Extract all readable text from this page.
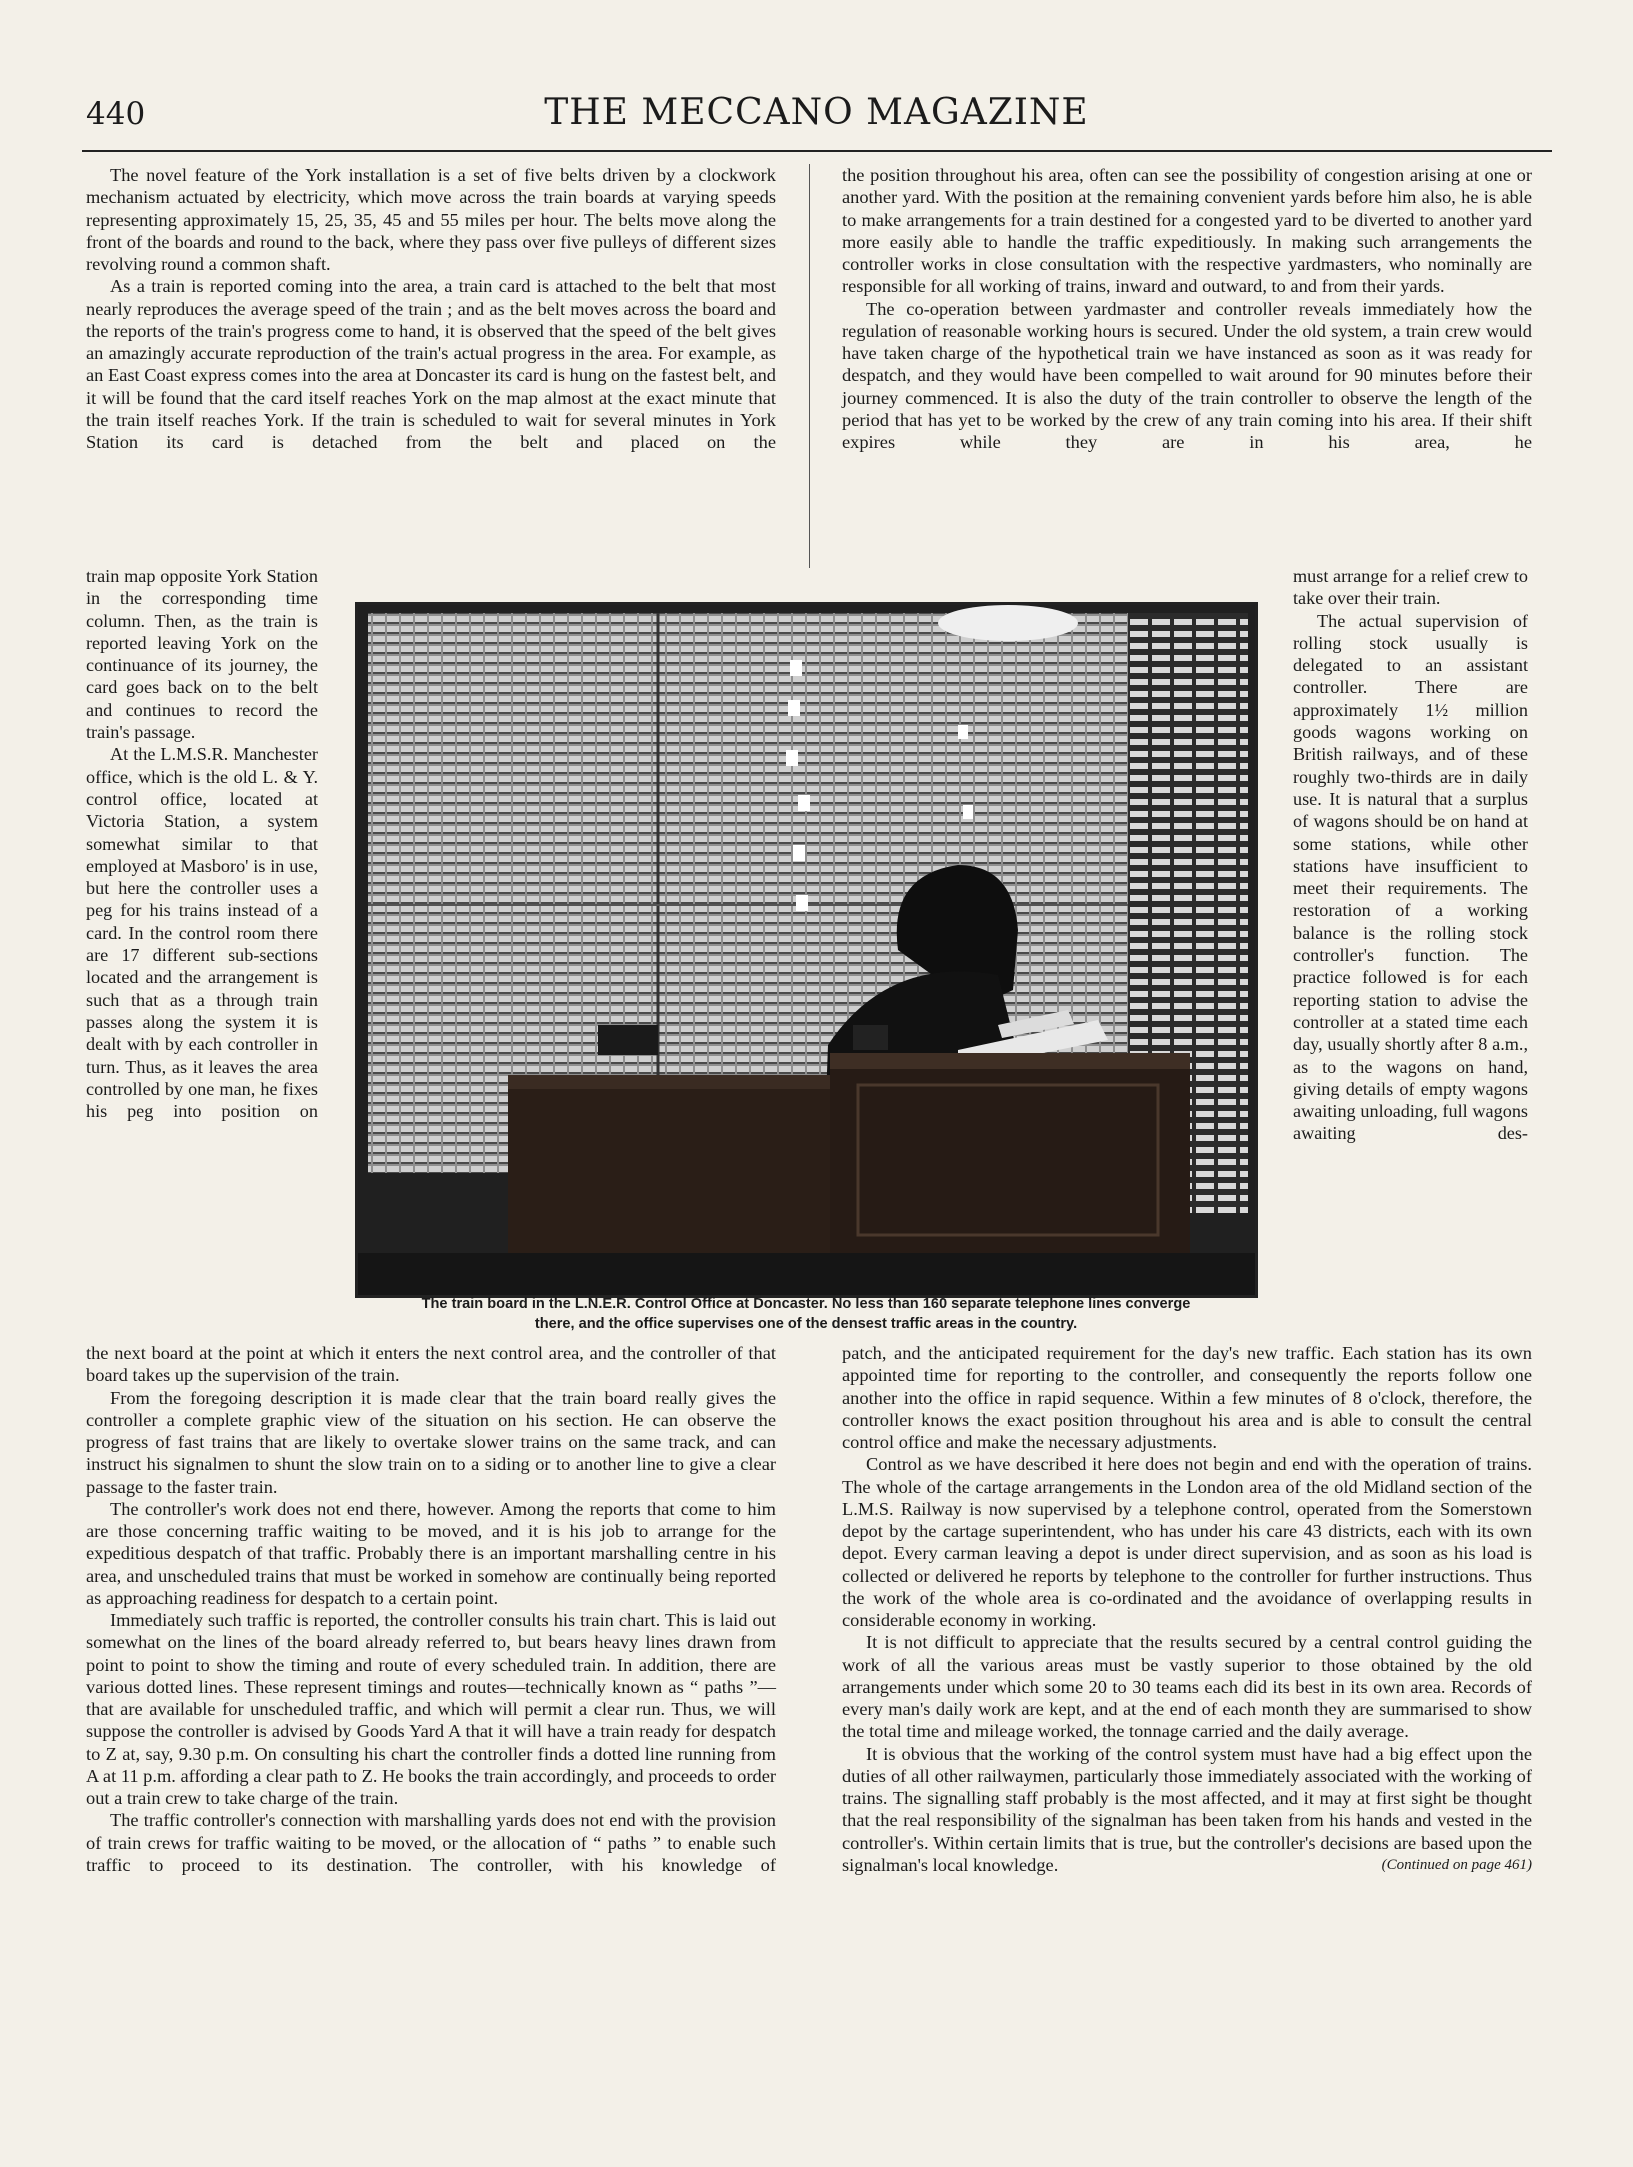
440	THE MECCANO MAGAZINE

The novel feature of the York installation is a set of five belts driven by a clockwork mechanism actuated by electricity, which move across the train boards at varying speeds representing approximately 15, 25, 35, 45 and 55 miles per hour. The belts move along the front of the boards and round to the back, where they pass over five pulleys of different sizes revolving round a common shaft.

As a train is reported coming into the area, a train card is attached to the belt that most nearly reproduces the average speed of the train ; and as the belt moves across the board and the reports of the train's progress come to hand, it is observed that the speed of the belt gives an amazingly accurate reproduction of the train's actual progress in the area. For example, as an East Coast express comes into the area at Doncaster its card is hung on the fastest belt, and it will be found that the card itself reaches York on the map almost at the exact minute that the train itself reaches York. If the train is scheduled to wait for several minutes in York Station its card is detached from the belt and placed on the

train map opposite York Station in the corresponding time column. Then, as the train is reported leaving York on the continuance of its journey, the card goes back on to the belt and continues to record the train's passage.

At the L.M.S.R. Manchester office, which is the old L. & Y. control office, located at Victoria Station, a system somewhat similar to that employed at Masboro' is in use, but here the controller uses a peg for his trains instead of a card. In the control room there are 17 different sub-sections located and the arrangement is such that as a through train passes along the system it is dealt with by each controller in turn. Thus, as it leaves the area controlled by one man, he fixes his peg into position on

the position throughout his area, often can see the possibility of congestion arising at one or another yard. With the position at the remaining convenient yards before him also, he is able to make arrangements for a train destined for a congested yard to be diverted to another yard more easily able to handle the traffic expeditiously. In making such arrangements the controller works in close consultation with the respective yardmasters, who nominally are responsible for all working of trains, inward and outward, to and from their yards.

The co-operation between yardmaster and controller reveals immediately how the regulation of reasonable working hours is secured. Under the old system, a train crew would have taken charge of the hypothetical train we have instanced as soon as it was ready for despatch, and they would have been compelled to wait around for 90 minutes before their journey commenced. It is also the duty of the train controller to observe the length of the period that has yet to be worked by the crew of any train coming into his area. If their shift expires while they are in his area, he

must arrange for a relief crew to take over their train.

The actual supervision of rolling stock usually is delegated to an assistant controller. There are approximately 1½ million goods wagons working on British railways, and of these roughly two-thirds are in daily use. It is natural that a surplus of wagons should be on hand at some stations, while other stations have insufficient to meet their requirements. The restoration of a working balance is the rolling stock controller's function. The practice followed is for each reporting station to advise the controller at a stated time each day, usually shortly after 8 a.m., as to the wagons on hand, giving details of empty wagons awaiting unloading, full wagons awaiting des-

The train board in the L.N.E.R. Control Office at Doncaster. No less than 160 separate telephone lines converge
there, and the office supervises one of the densest traffic areas in the country.

the next board at the point at which it enters the next control area, and the controller of that board takes up the supervision of the train.

From the foregoing description it is made clear that the train board really gives the controller a complete graphic view of the situation on his section. He can observe the progress of fast trains that are likely to overtake slower trains on the same track, and can instruct his signalmen to shunt the slow train on to a siding or to another line to give a clear passage to the faster train.

The controller's work does not end there, however. Among the reports that come to him are those concerning traffic waiting to be moved, and it is his job to arrange for the expeditious despatch of that traffic. Probably there is an important marshalling centre in his area, and unscheduled trains that must be worked in somehow are continually being reported as approaching readiness for despatch to a certain point.

Immediately such traffic is reported, the controller consults his train chart. This is laid out somewhat on the lines of the board already referred to, but bears heavy lines drawn from point to point to show the timing and route of every scheduled train. In addition, there are various dotted lines. These represent timings and routes—technically known as “ paths ”—that are available for unscheduled traffic, and which will permit a clear run. Thus, we will suppose the controller is advised by Goods Yard A that it will have a train ready for despatch to Z at, say, 9.30 p.m. On consulting his chart the controller finds a dotted line running from A at 11 p.m. affording a clear path to Z. He books the train accordingly, and proceeds to order out a train crew to take charge of the train.

The traffic controller's connection with marshalling yards does not end with the provision of train crews for traffic waiting to be moved, or the allocation of “ paths ” to enable such traffic to proceed to its destination. The controller, with his knowledge of

patch, and the anticipated requirement for the day's new traffic. Each station has its own appointed time for reporting to the controller, and consequently the reports follow one another into the office in rapid sequence. Within a few minutes of 8 o'clock, therefore, the controller knows the exact position throughout his area and is able to consult the central control office and make the necessary adjustments.

Control as we have described it here does not begin and end with the operation of trains. The whole of the cartage arrangements in the London area of the old Midland section of the L.M.S. Railway is now supervised by a telephone control, operated from the Somerstown depot by the cartage superintendent, who has under his care 43 districts, each with its own depot. Every carman leaving a depot is under direct supervision, and as soon as his load is collected or delivered he reports by telephone to the controller for further instructions. Thus the work of the whole area is co-ordinated and the avoidance of overlapping results in considerable economy in working.

It is not difficult to appreciate that the results secured by a central control guiding the work of all the various areas must be vastly superior to those obtained by the old arrangements under which some 20 to 30 teams each did its best in its own area. Records of every man's daily work are kept, and at the end of each month they are summarised to show the total time and mileage worked, the tonnage carried and the daily average.

It is obvious that the working of the control system must have had a big effect upon the duties of all other railwaymen, particularly those immediately associated with the working of trains. The signalling staff probably is the most affected, and it may at first sight be thought that the real responsibility of the signalman has been taken from his hands and vested in the controller's. Within certain limits that is true, but the controller's decisions are based upon the signalman's local knowledge.	(Continued on page 461)
